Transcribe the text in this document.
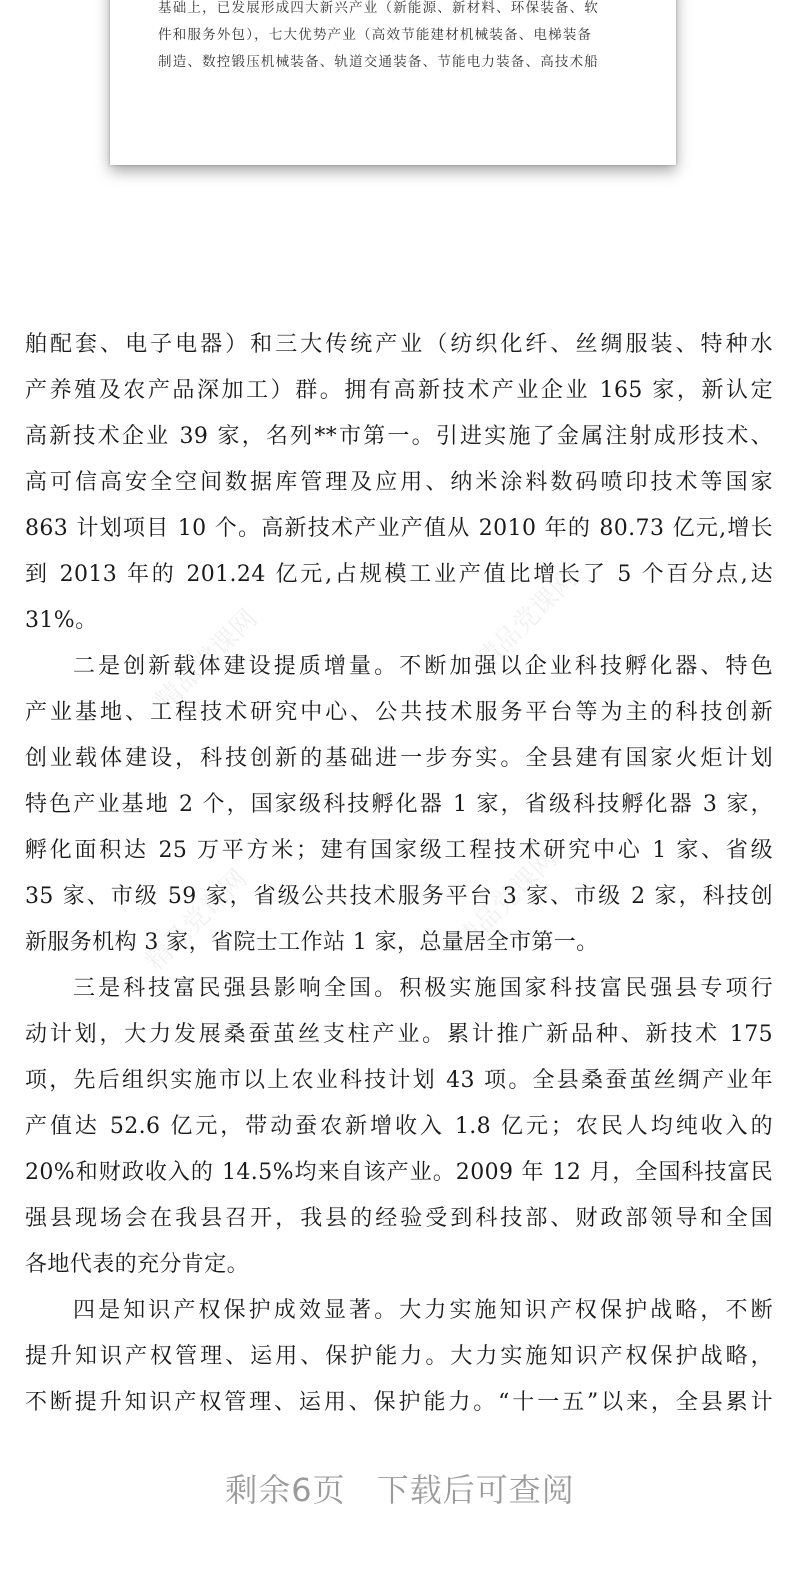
基础上，已发展形成四大新兴产业（新能源、新材料、环保装备、软
件和服务外包），七大优势产业（高效节能建材机械装备、电梯装备
制造、数控锻压机械装备、轨道交通装备、节能电力装备、高技术船
精品党课网	精品党课网
精品党课网	精品党课网
舶配套、电子电器）和三大传统产业（纺织化纤、丝绸服装、特种水
产养殖及农产品深加工）群。拥有高新技术产业企业 165 家，新认定
高新技术企业 39 家，名列**市第一。引进实施了金属注射成形技术、
高可信高安全空间数据库管理及应用、纳米涂料数码喷印技术等国家
863 计划项目 10 个。高新技术产业产值从 2010 年的 80.73 亿元,增长
到 2013 年的 201.24 亿元,占规模工业产值比增长了 5 个百分点,达
31%。
二是创新载体建设提质增量。不断加强以企业科技孵化器、特色
产业基地、工程技术研究中心、公共技术服务平台等为主的科技创新
创业载体建设，科技创新的基础进一步夯实。全县建有国家火炬计划
特色产业基地 2 个，国家级科技孵化器 1 家，省级科技孵化器 3 家，
孵化面积达 25 万平方米；建有国家级工程技术研究中心 1 家、省级
35 家、市级 59 家，省级公共技术服务平台 3 家、市级 2 家，科技创
新服务机构 3 家，省院士工作站 1 家，总量居全市第一。
三是科技富民强县影响全国。积极实施国家科技富民强县专项行
动计划，大力发展桑蚕茧丝支柱产业。累计推广新品种、新技术 175
项，先后组织实施市以上农业科技计划 43 项。全县桑蚕茧丝绸产业年
产值达 52.6 亿元，带动蚕农新增收入 1.8 亿元；农民人均纯收入的
20%和财政收入的 14.5%均来自该产业。2009 年 12 月，全国科技富民
强县现场会在我县召开，我县的经验受到科技部、财政部领导和全国
各地代表的充分肯定。
四是知识产权保护成效显著。大力实施知识产权保护战略，不断
提升知识产权管理、运用、保护能力。大力实施知识产权保护战略，
不断提升知识产权管理、运用、保护能力。“十一五”以来，全县累计
剩余6页 下载后可查阅
